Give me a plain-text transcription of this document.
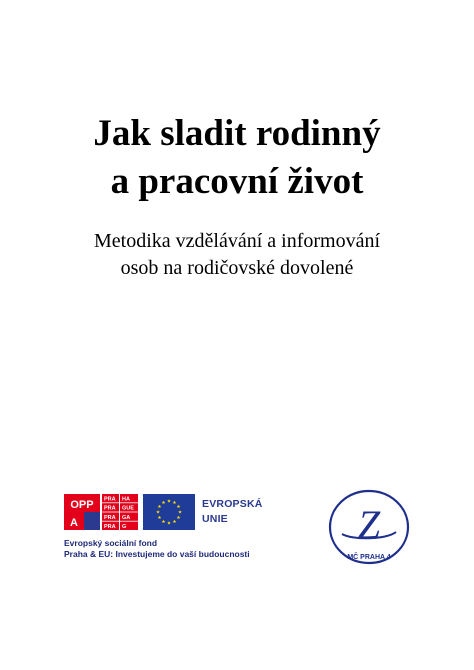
Jak sladit rodinný
a pracovní život

Metodika vzdělávání a informování
osob na rodičovské dovolené

OPP
A
PRA HA
PRA GUE
PRA GA
PRA G
EVROPSKÁ
UNIE
Evropský sociální fond
Praha & EU: Investujeme do vaší budoucnosti
Z
MČ PRAHA 4
